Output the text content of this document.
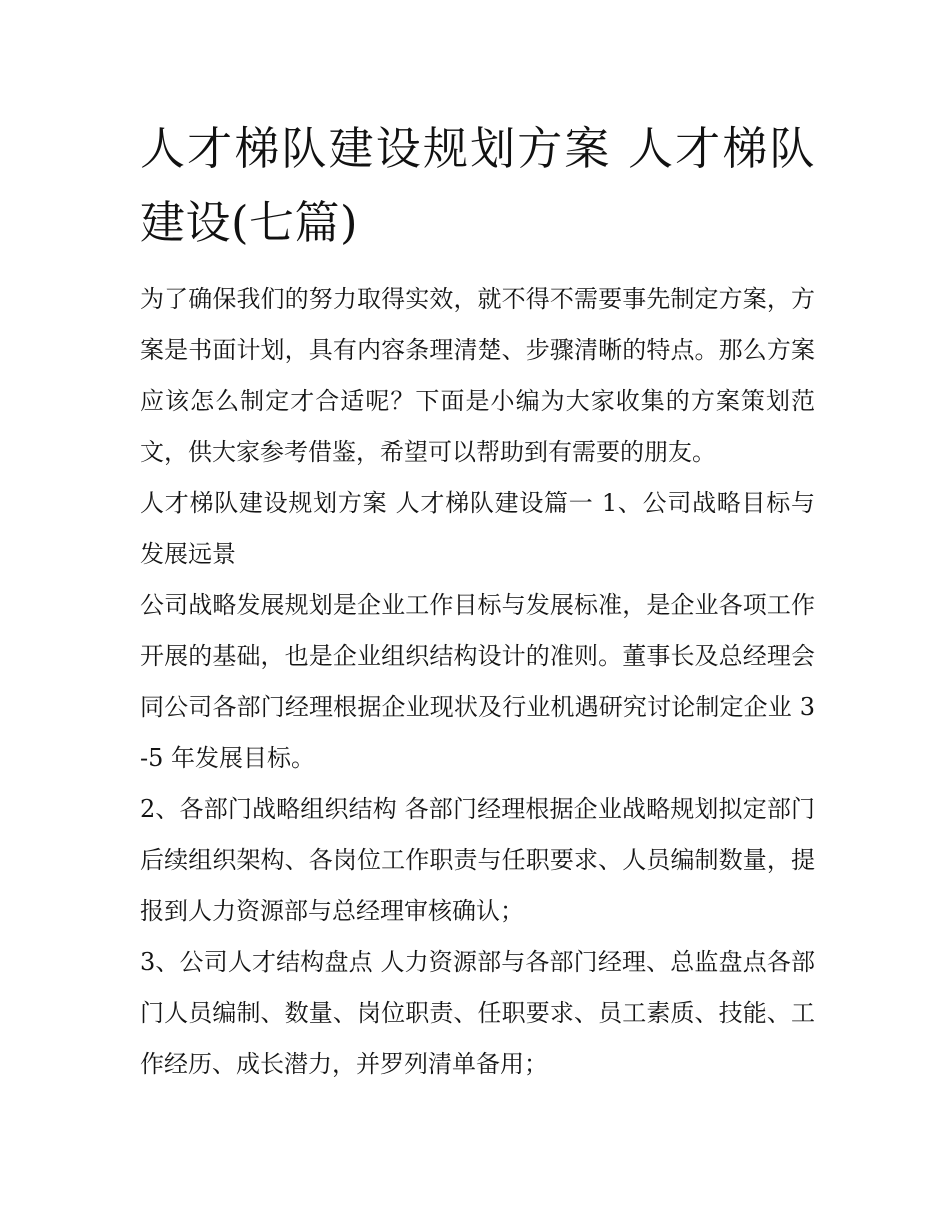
人才梯队建设规划方案 人才梯队建设(七篇)

为了确保我们的努力取得实效，就不得不需要事先制定方案，方案是书面计划，具有内容条理清楚、步骤清晰的特点。那么方案应该怎么制定才合适呢？下面是小编为大家收集的方案策划范文，供大家参考借鉴，希望可以帮助到有需要的朋友。

人才梯队建设规划方案 人才梯队建设篇一 1、公司战略目标与发展远景

公司战略发展规划是企业工作目标与发展标准，是企业各项工作开展的基础，也是企业组织结构设计的准则。董事长及总经理会同公司各部门经理根据企业现状及行业机遇研究讨论制定企业 3-5 年发展目标。

2、各部门战略组织结构 各部门经理根据企业战略规划拟定部门后续组织架构、各岗位工作职责与任职要求、人员编制数量，提报到人力资源部与总经理审核确认；

3、公司人才结构盘点 人力资源部与各部门经理、总监盘点各部门人员编制、数量、岗位职责、任职要求、员工素质、技能、工作经历、成长潜力，并罗列清单备用；
